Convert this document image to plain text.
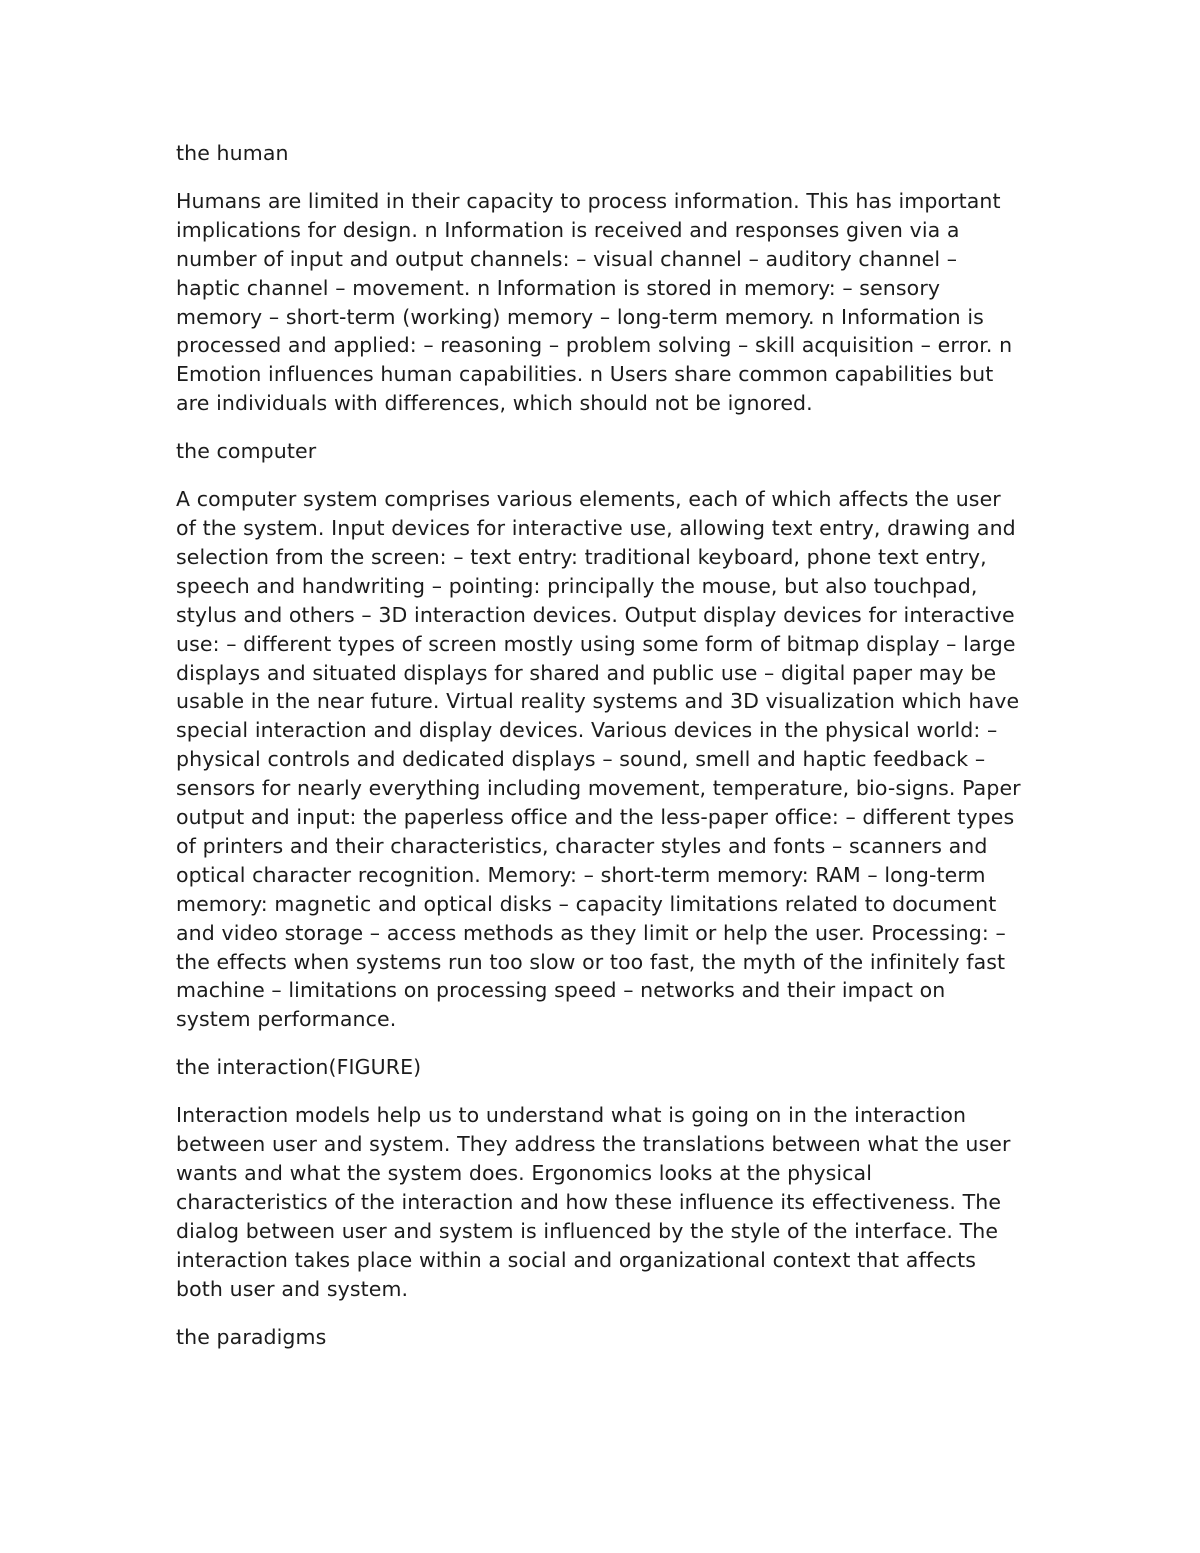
the human

Humans are limited in their capacity to process information. This has important implications for design. n Information is received and responses given via a number of input and output channels: – visual channel – auditory channel – haptic channel – movement. n Information is stored in memory: – sensory memory – short-term (working) memory – long-term memory. n Information is processed and applied: – reasoning – problem solving – skill acquisition – error. n Emotion influences human capabilities. n Users share common capabilities but are individuals with differences, which should not be ignored.

the computer

A computer system comprises various elements, each of which affects the user of the system. Input devices for interactive use, allowing text entry, drawing and selection from the screen: – text entry: traditional keyboard, phone text entry, speech and handwriting – pointing: principally the mouse, but also touchpad, stylus and others – 3D interaction devices. Output display devices for interactive use: – different types of screen mostly using some form of bitmap display – large displays and situated displays for shared and public use – digital paper may be usable in the near future. Virtual reality systems and 3D visualization which have special interaction and display devices. Various devices in the physical world: – physical controls and dedicated displays – sound, smell and haptic feedback – sensors for nearly everything including movement, temperature, bio-signs. Paper output and input: the paperless office and the less-paper office: – different types of printers and their characteristics, character styles and fonts – scanners and optical character recognition. Memory: – short-term memory: RAM – long-term memory: magnetic and optical disks – capacity limitations related to document and video storage – access methods as they limit or help the user. Processing: – the effects when systems run too slow or too fast, the myth of the infinitely fast machine – limitations on processing speed – networks and their impact on system performance.

the interaction(FIGURE)

Interaction models help us to understand what is going on in the interaction between user and system. They address the translations between what the user wants and what the system does. Ergonomics looks at the physical characteristics of the interaction and how these influence its effectiveness. The dialog between user and system is influenced by the style of the interface. The interaction takes place within a social and organizational context that affects both user and system.

the paradigms
